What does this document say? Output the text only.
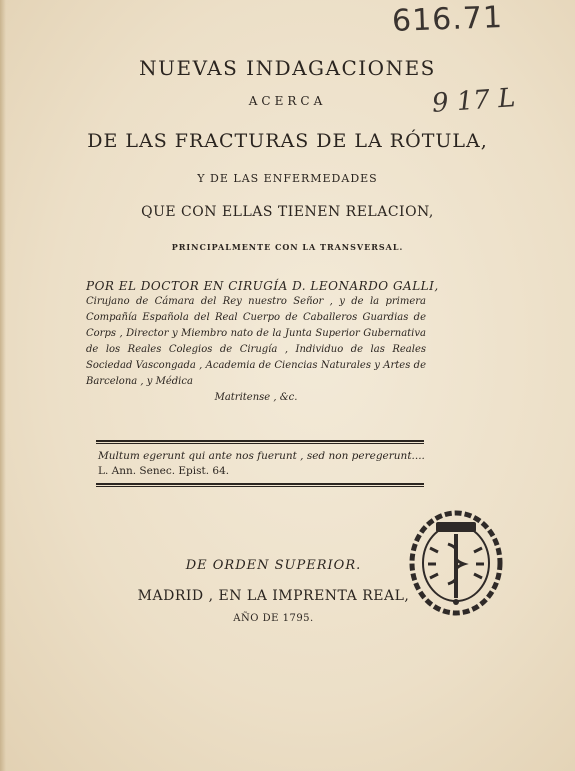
616.71
9 17 L
NUEVAS INDAGACIONES
ACERCA
DE LAS FRACTURAS DE LA RÓTULA,
Y DE LAS ENFERMEDADES
QUE CON ELLAS TIENEN RELACION,
PRINCIPALMENTE CON LA TRANSVERSAL.
POR EL DOCTOR EN CIRUGÍA D. LEONARDO GALLI,

Cirujano de Cámara del Rey nuestro Señor , y de la primera Compañía Española del Real Cuerpo de Caballeros Guardias de Corps , Director y Miembro nato de la Junta Superior Gubernativa de los Reales Colegios de Cirugía , Individuo de las Reales Sociedad Vascongada , Academia de Ciencias Naturales y Artes de Barcelona , y Médica

Matritense , &c.

Multum egerunt qui ante nos fuerunt , sed non peregerunt.... L. Ann. Senec. Epist. 64.
DE ORDEN SUPERIOR.
MADRID , EN LA IMPRENTA REAL,
AÑO DE 1795.
